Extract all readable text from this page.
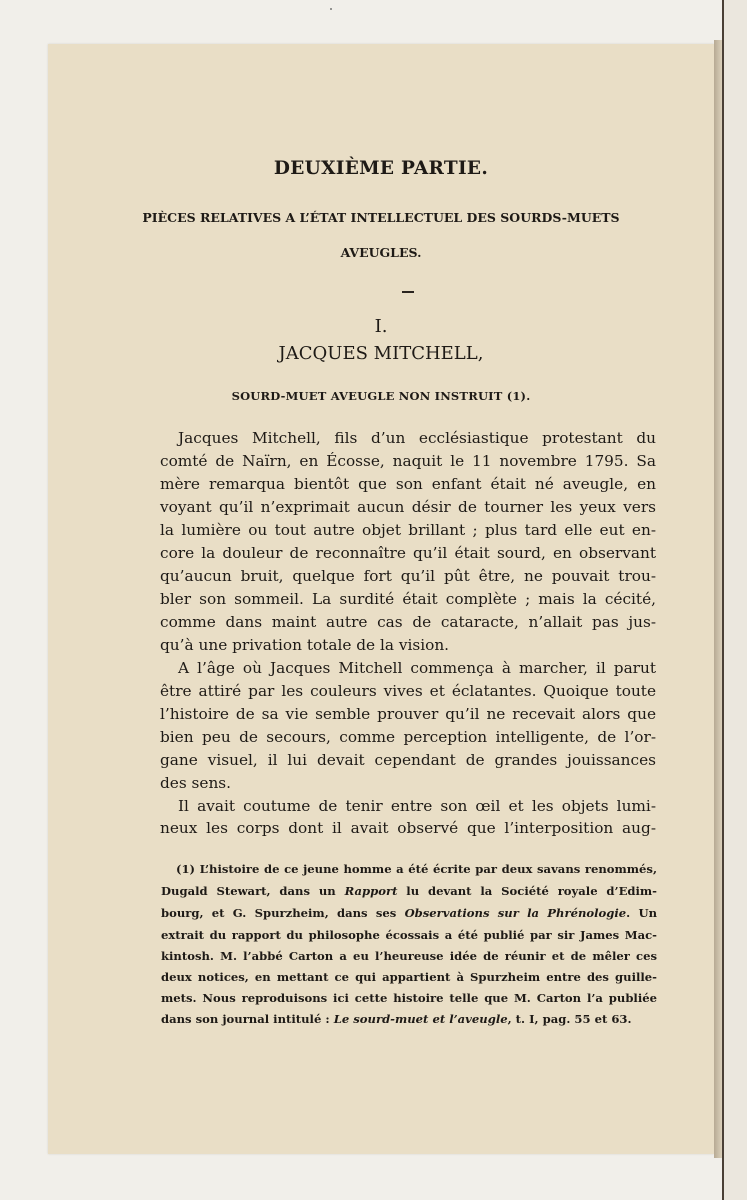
DEUXIÈME PARTIE.
PIÈCES RELATIVES A L’ÉTAT INTELLECTUEL DES SOURDS-MUETS
AVEUGLES.
I.
JACQUES MITCHELL,
SOURD-MUET AVEUGLE NON INSTRUIT (1).
Jacques Mitchell, fils d’un ecclésiastique protestant du
comté de Naïrn, en Écosse, naquit le 11 novembre 1795. Sa
mère remarqua bientôt que son enfant était né aveugle, en
voyant qu’il n’exprimait aucun désir de tourner les yeux vers
la lumière ou tout autre objet brillant ; plus tard elle eut en-
core la douleur de reconnaître qu’il était sourd, en observant
qu’aucun bruit, quelque fort qu’il pût être, ne pouvait trou-
bler son sommeil. La surdité était complète ; mais la cécité,
comme dans maint autre cas de cataracte, n’allait pas jus-
qu’à une privation totale de la vision.
A l’âge où Jacques Mitchell commença à marcher, il parut
être attiré par les couleurs vives et éclatantes. Quoique toute
l’histoire de sa vie semble prouver qu’il ne recevait alors que
bien peu de secours, comme perception intelligente, de l’or-
gane visuel, il lui devait cependant de grandes jouissances
des sens.
Il avait coutume de tenir entre son œil et les objets lumi-
neux les corps dont il avait observé que l’interposition aug-
(1) L’histoire de ce jeune homme a été écrite par deux savans renommés,
Dugald Stewart, dans un Rapport lu devant la Société royale d’Edim-
bourg, et G. Spurzheim, dans ses Observations sur la Phrénologie. Un
extrait du rapport du philosophe écossais a été publié par sir James Mac-
kintosh. M. l’abbé Carton a eu l’heureuse idée de réunir et de mêler ces
deux notices, en mettant ce qui appartient à Spurzheim entre des guille-
mets. Nous reproduisons ici cette histoire telle que M. Carton l’a publiée
dans son journal intitulé : Le sourd-muet et l’aveugle, t. I, pag. 55 et 63.
